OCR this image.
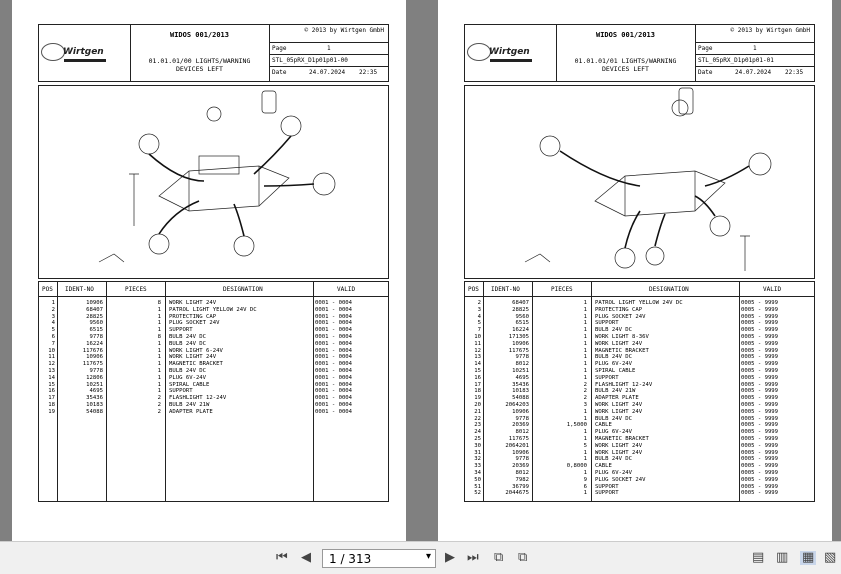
Wirtgen
WIDOS 001/2013
01.01.01/00 LIGHTS/WARNING
DEVICES LEFT
© 2013 by Wirtgen GmbH
Page	1
STL_05pRX_D1p01p01-00
Date	24.07.2024 22:35
POS IDENT-NO	PIECES	DESIGNATION	VALID
1	10906	8 WORK LIGHT 24V	0001 - 0004
2	68407	1 PATROL LIGHT YELLOW 24V DC	0001 - 0004
3	28825	1 PROTECTING CAP	0001 - 0004
4	9560	1 PLUG SOCKET 24V	0001 - 0004
5	6515	1 SUPPORT	0001 - 0004
6	9778	8 BULB 24V DC	0001 - 0004
7	16224	1 BULB 24V DC	0001 - 0004
10	117676	1 WORK LIGHT 6-24V	0001 - 0004
11	10906	1 WORK LIGHT 24V	0001 - 0004
12	117675	1 MAGNETIC BRACKET	0001 - 0004
13	9778	1 BULB 24V DC	0001 - 0004
14	12806	1 PLUG 6V-24V	0001 - 0004
15	10251	1 SPIRAL CABLE	0001 - 0004
16	4695	1 SUPPORT	0001 - 0004
17	35436	2 FLASHLIGHT 12-24V	0001 - 0004
18	10183	2 BULB 24V 21W	0001 - 0004
19	54088	2 ADAPTER PLATE	0001 - 0004
Wirtgen
WIDOS 001/2013
01.01.01/01 LIGHTS/WARNING
DEVICES LEFT
© 2013 by Wirtgen GmbH
Page	1
STL_05pRX_D1p01p01-01
Date	24.07.2024 22:35
POS IDENT-NO	PIECES	DESIGNATION	VALID
2	68407	1 PATROL LIGHT YELLOW 24V DC	0005 - 9999
3	28825	1 PROTECTING CAP	0005 - 9999
4	9560	1 PLUG SOCKET 24V	0005 - 9999
5	6515	1 SUPPORT	0005 - 9999
7	16224	1 BULB 24V DC	0005 - 9999
10	171305	1 WORK LIGHT 8-36V	0005 - 9999
11	10906	1 WORK LIGHT 24V	0005 - 9999
12	117675	1 MAGNETIC BRACKET	0005 - 9999
13	9778	1 BULB 24V DC	0005 - 9999
14	8012	1 PLUG 6V-24V	0005 - 9999
15	10251	1 SPIRAL CABLE	0005 - 9999
16	4695	1 SUPPORT	0005 - 9999
17	35436	2 FLASHLIGHT 12-24V	0005 - 9999
18	10183	2 BULB 24V 21W	0005 - 9999
19	54088	2 ADAPTER PLATE	0005 - 9999
20	2064203	3 WORK LIGHT 24V	0005 - 9999
21	10906	1 WORK LIGHT 24V	0005 - 9999
22	9778	1 BULB 24V DC	0005 - 9999
23	20369	1,5000 CABLE	0005 - 9999
24	8012	1 PLUG 6V-24V	0005 - 9999
25	117675	1 MAGNETIC BRACKET	0005 - 9999
30	2064201	5 WORK LIGHT 24V	0005 - 9999
31	10906	1 WORK LIGHT 24V	0005 - 9999
32	9778	1 BULB 24V DC	0005 - 9999
33	20369	0,8000 CABLE	0005 - 9999
34	8012	1 PLUG 6V-24V	0005 - 9999
50	7982	9 PLUG SOCKET 24V	0005 - 9999
51	36799	6 SUPPORT	0005 - 9999
52	2044675	1 SUPPORT	0005 - 9999
⏮ ◀ 1 / 313	▾ ▶ ⏭ ⧉ ⧉	▤ ▥ ▦ ▧
